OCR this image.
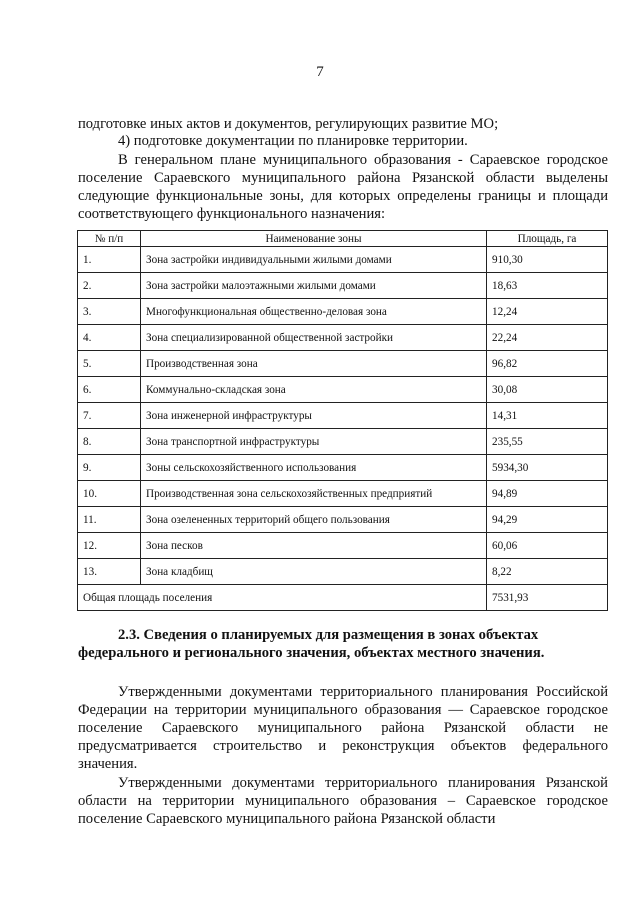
7

подготовке иных актов и документов, регулирующих развитие МО;

4) подготовке документации по планировке территории.

В генеральном плане муниципального образования - Сараевское городское поселение Сараевского муниципального района Рязанской области выделены следующие функциональные зоны, для которых определены границы и площади соответствующего функционального назначения:

№ п/п	Наименование зоны	Площадь, га
1.	Зона застройки индивидуальными жилыми домами	910,30
2.	Зона застройки малоэтажными жилыми домами	18,63
3.	Многофункциональная общественно-деловая зона	12,24
4.	Зона специализированной общественной застройки	22,24
5.	Производственная зона	96,82
6.	Коммунально-складская зона	30,08
7.	Зона инженерной инфраструктуры	14,31
8.	Зона транспортной инфраструктуры	235,55
9.	Зоны сельскохозяйственного использования	5934,30
10.	Производственная зона сельскохозяйственных предприятий	94,89
11.	Зона озелененных территорий общего пользования	94,29
12.	Зона песков	60,06
13.	Зона кладбищ	8,22
Общая площадь поселения		7531,93

2.3. Сведения о планируемых для размещения в зонах объектах федерального и регионального значения, объектах местного значения.

Утвержденными документами территориального планирования Российской Федерации на территории муниципального образования — Сараевское городское поселение Сараевского муниципального района Рязанской области не предусматривается строительство и реконструкция объектов федерального значения.

Утвержденными документами территориального планирования Рязанской области на территории муниципального образования – Сараевское городское поселение Сараевского муниципального района Рязанской области
